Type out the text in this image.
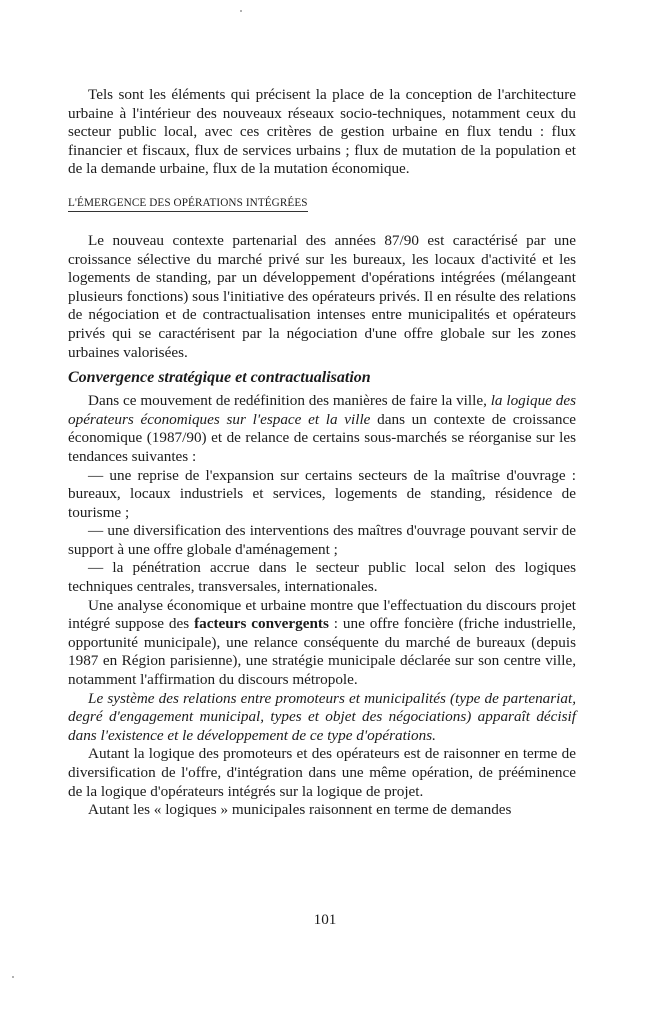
Tels sont les éléments qui précisent la place de la conception de l'architecture urbaine à l'intérieur des nouveaux réseaux socio-techniques, notamment ceux du secteur public local, avec ces critères de gestion urbaine en flux tendu : flux financier et fiscaux, flux de services urbains ; flux de mutation de la population et de la demande urbaine, flux de la mutation économique.

L'ÉMERGENCE DES OPÉRATIONS INTÉGRÉES

Le nouveau contexte partenarial des années 87/90 est caractérisé par une croissance sélective du marché privé sur les bureaux, les locaux d'activité et les logements de standing, par un développement d'opérations intégrées (mélangeant plusieurs fonctions) sous l'initiative des opérateurs privés. Il en résulte des relations de négociation et de contractualisation intenses entre municipalités et opérateurs privés qui se caractérisent par la négociation d'une offre globale sur les zones urbaines valorisées.

Convergence stratégique et contractualisation

Dans ce mouvement de redéfinition des manières de faire la ville, la logique des opérateurs économiques sur l'espace et la ville dans un contexte de croissance économique (1987/90) et de relance de certains sous-marchés se réorganise sur les tendances suivantes :

— une reprise de l'expansion sur certains secteurs de la maîtrise d'ouvrage : bureaux, locaux industriels et services, logements de standing, résidence de tourisme ;

— une diversification des interventions des maîtres d'ouvrage pouvant servir de support à une offre globale d'aménagement ;

— la pénétration accrue dans le secteur public local selon des logiques techniques centrales, transversales, internationales.

Une analyse économique et urbaine montre que l'effectuation du discours projet intégré suppose des facteurs convergents : une offre foncière (friche industrielle, opportunité municipale), une relance conséquente du marché de bureaux (depuis 1987 en Région parisienne), une stratégie municipale déclarée sur son centre ville, notamment l'affirmation du discours métropole.

Le système des relations entre promoteurs et municipalités (type de partenariat, degré d'engagement municipal, types et objet des négociations) apparaît décisif dans l'existence et le développement de ce type d'opérations.

Autant la logique des promoteurs et des opérateurs est de raisonner en terme de diversification de l'offre, d'intégration dans une même opération, de prééminence de la logique d'opérateurs intégrés sur la logique de projet.

Autant les « logiques » municipales raisonnent en terme de demandes

101
